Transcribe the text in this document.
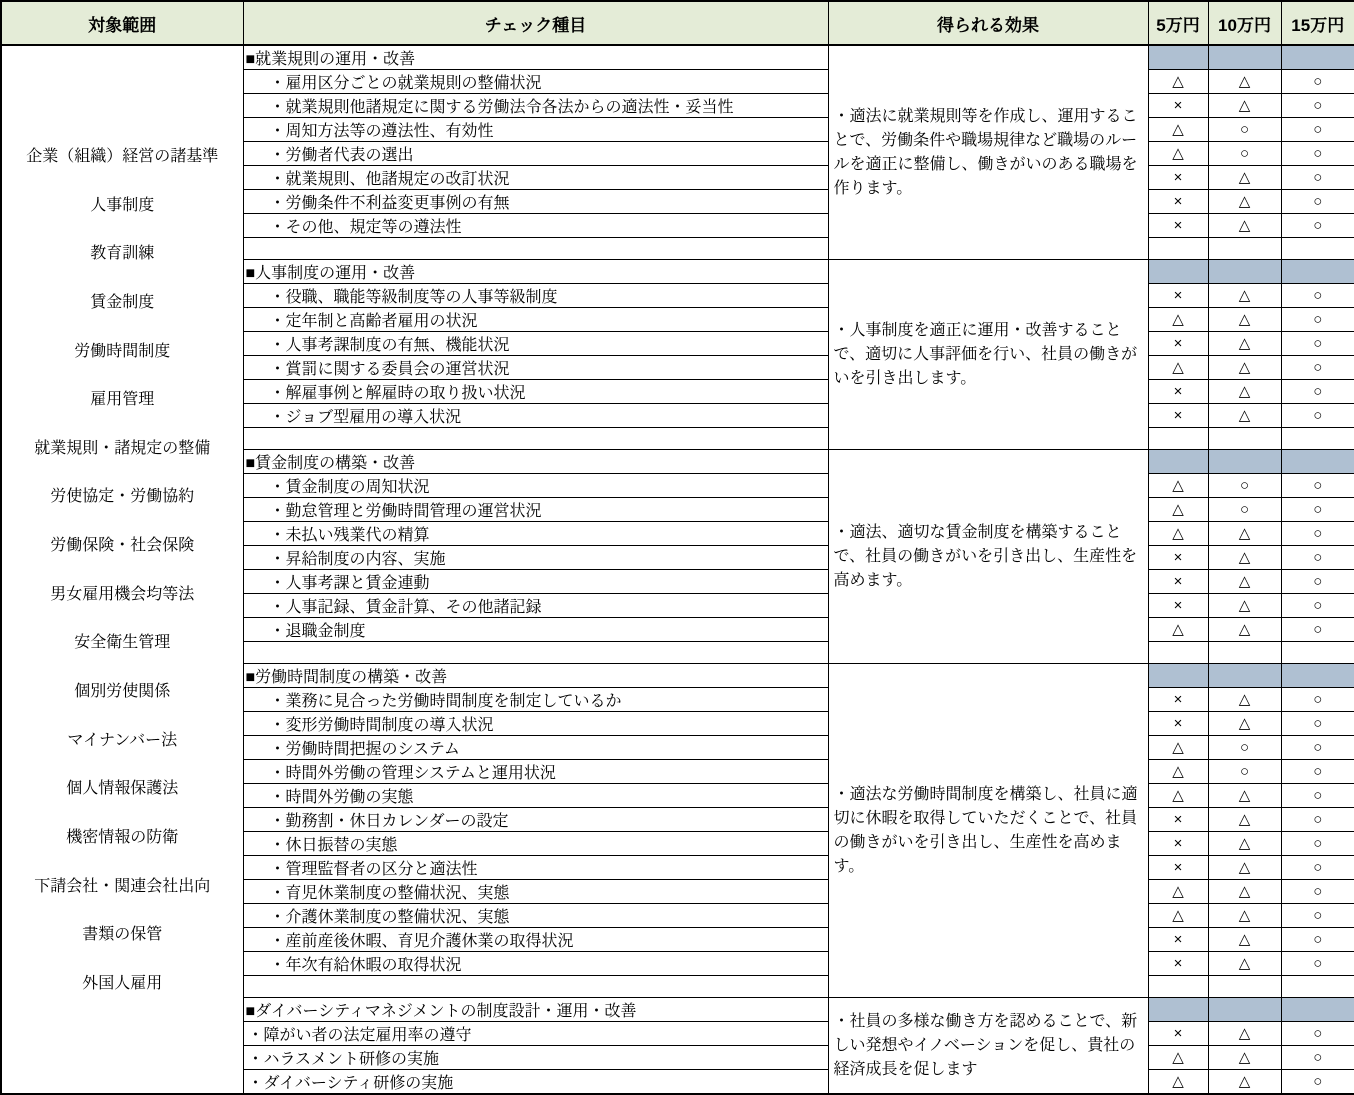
対象範囲	チェック種目	得られる効果	5万円	10万円	15万円

企業（組織）経営の諸基準
人事制度
教育訓練
賃金制度
労働時間制度
雇用管理
就業規則・諸規定の整備
労使協定・労働協約
労働保険・社会保険
男女雇用機会均等法
安全衛生管理
個別労使関係
マイナンバー法
個人情報保護法
機密情報の防衛
下請会社・関連会社出向
書類の保管
外国人雇用
	■就業規則の運用・改善	・適法に就業規則等を作成し、運用することで、労働条件や職場規律など職場のルールを適正に整備し、働きがいのある職場を作ります。			
	・雇用区分ごとの就業規則の整備状況		△	△	○
	・就業規則他諸規定に関する労働法令各法からの適法性・妥当性		×	△	○
	・周知方法等の遵法性、有効性		△	○	○
	・労働者代表の選出		△	○	○
	・就業規則、他諸規定の改訂状況		×	△	○
	・労働条件不利益変更事例の有無		×	△	○
	・その他、規定等の遵法性		×	△	○

	■人事制度の運用・改善	・人事制度を適正に運用・改善することで、適切に人事評価を行い、社員の働きがいを引き出します。			
	・役職、職能等級制度等の人事等級制度		×	△	○
	・定年制と高齢者雇用の状況		△	△	○
	・人事考課制度の有無、機能状況		×	△	○
	・賞罰に関する委員会の運営状況		△	△	○
	・解雇事例と解雇時の取り扱い状況		×	△	○
	・ジョブ型雇用の導入状況		×	△	○

	■賃金制度の構築・改善	・適法、適切な賃金制度を構築することで、社員の働きがいを引き出し、生産性を高めます。			
	・賃金制度の周知状況		△	○	○
	・勤怠管理と労働時間管理の運営状況		△	○	○
	・未払い残業代の精算		△	△	○
	・昇給制度の内容、実施		×	△	○
	・人事考課と賃金連動		×	△	○
	・人事記録、賃金計算、その他諸記録		×	△	○
	・退職金制度		△	△	○

	■労働時間制度の構築・改善	・適法な労働時間制度を構築し、社員に適切に休暇を取得していただくことで、社員の働きがいを引き出し、生産性を高めます。			
	・業務に見合った労働時間制度を制定しているか		×	△	○
	・変形労働時間制度の導入状況		×	△	○
	・労働時間把握のシステム		△	○	○
	・時間外労働の管理システムと運用状況		△	○	○
	・時間外労働の実態		△	△	○
	・勤務割・休日カレンダーの設定		×	△	○
	・休日振替の実態		×	△	○
	・管理監督者の区分と適法性		×	△	○
	・育児休業制度の整備状況、実態		△	△	○
	・介護休業制度の整備状況、実態		△	△	○
	・産前産後休暇、育児介護休業の取得状況		×	△	○
	・年次有給休暇の取得状況		×	△	○

	■ダイバーシティマネジメントの制度設計・運用・改善	・社員の多様な働き方を認めることで、新しい発想やイノベーションを促し、貴社の経済成長を促します			
	・障がい者の法定雇用率の遵守		×	△	○
	・ハラスメント研修の実施		△	△	○
	・ダイバーシティ研修の実施		△	△	○
